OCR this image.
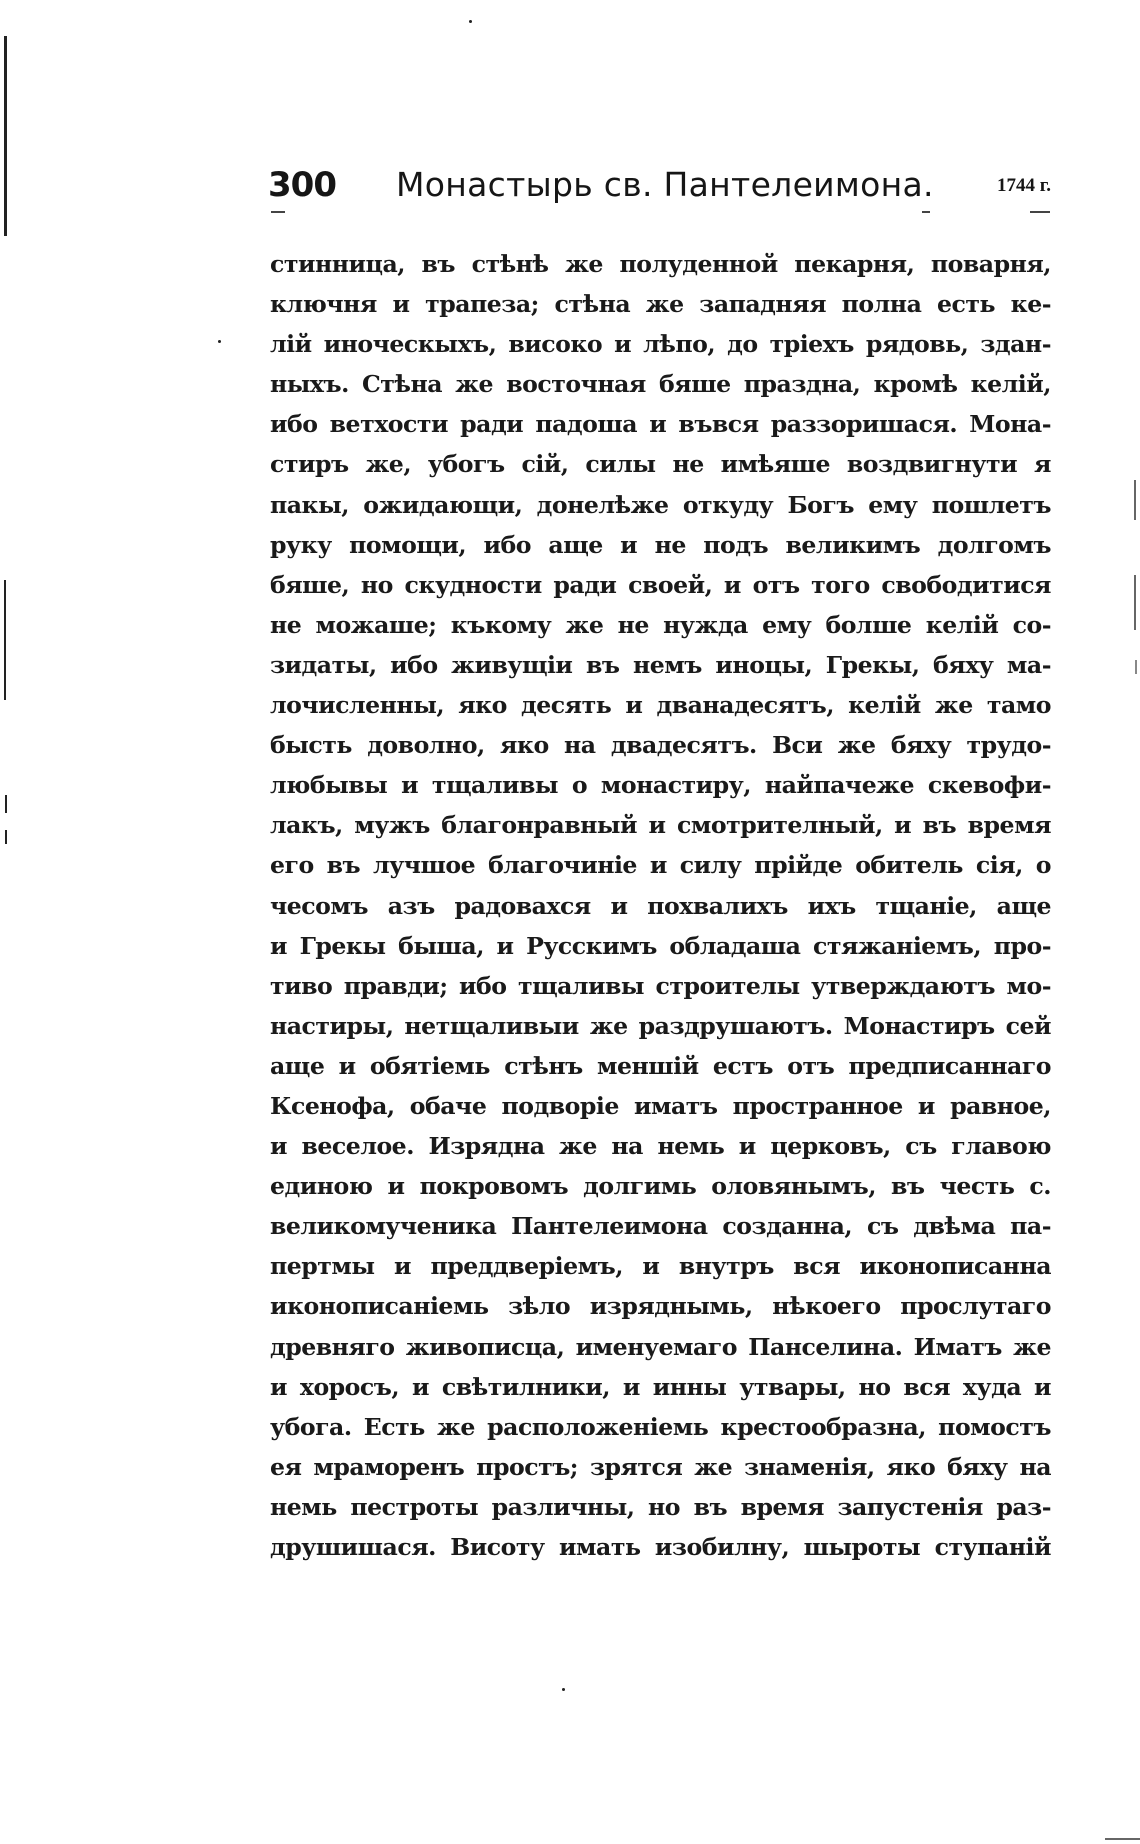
300 Монастырь св. Пантелеимона.	1744 г.
стинница, въ стѣнѣ же полуденной пекарня, поварня,
ключня и трапеза; стѣна же западняя полна есть ке-
лій иноческыхъ, високо и лѣпо, до тріехъ рядовь, здан-
ныхъ. Стѣна же восточная бяше праздна, кромѣ келій,
ибо ветхости ради падоша и въвся раззоришася. Мона-
стиръ же, убогъ сій, силы не имѣяше воздвигнути я
пакы, ожидающи, донелѣже откуду Богъ ему пошлетъ
руку помощи, ибо аще и не подъ великимъ долгомъ
бяше, но скудности ради своей, и отъ того свободитися
не можаше; къкому же не нужда ему болше келій со-
зидаты, ибо живущіи въ немъ иноцы, Грекы, бяху ма-
лочисленны, яко десять и дванадесятъ, келій же тамо
бысть доволно, яко на двадесятъ. Вси же бяху трудо-
любывы и тщаливы о монастиру, найпачеже скевофи-
лакъ, мужъ благонравный и смотрителный, и въ время
его въ лучшое благочиніе и силу прійде обитель сія, о
чесомъ азъ радовахся и похвалихъ ихъ тщаніе, аще
и Грекы быша, и Русскимъ обладаша стяжаніемъ, про-
тиво правди; ибо тщаливы строителы утверждаютъ мо-
настиры, нетщаливыи же раздрушаютъ. Монастиръ сей
аще и обятіемь стѣнъ меншій естъ отъ предписаннаго
Ксенофа, обаче подворіе иматъ пространное и равное,
и веселое. Изрядна же на немь и церковъ, съ главою
единою и покровомъ долгимь оловянымъ, въ честь с.
великомученика Пантелеимона созданна, съ двѣма па-
пертмы и преддверіемъ, и внутръ вся иконописанна
иконописаніемь зѣло изряднымь, нѣкоего прослутаго
древняго живописца, именуемаго Панселина. Иматъ же
и хоросъ, и свѣтилники, и инны утвары, но вся худа и
убога. Есть же расположеніемь крестообразна, помостъ
ея мраморенъ простъ; зрятся же знаменія, яко бяху на
немь пестроты различны, но въ время запустенія раз-
друшишася. Висоту имать изобилну, шыроты ступаній
